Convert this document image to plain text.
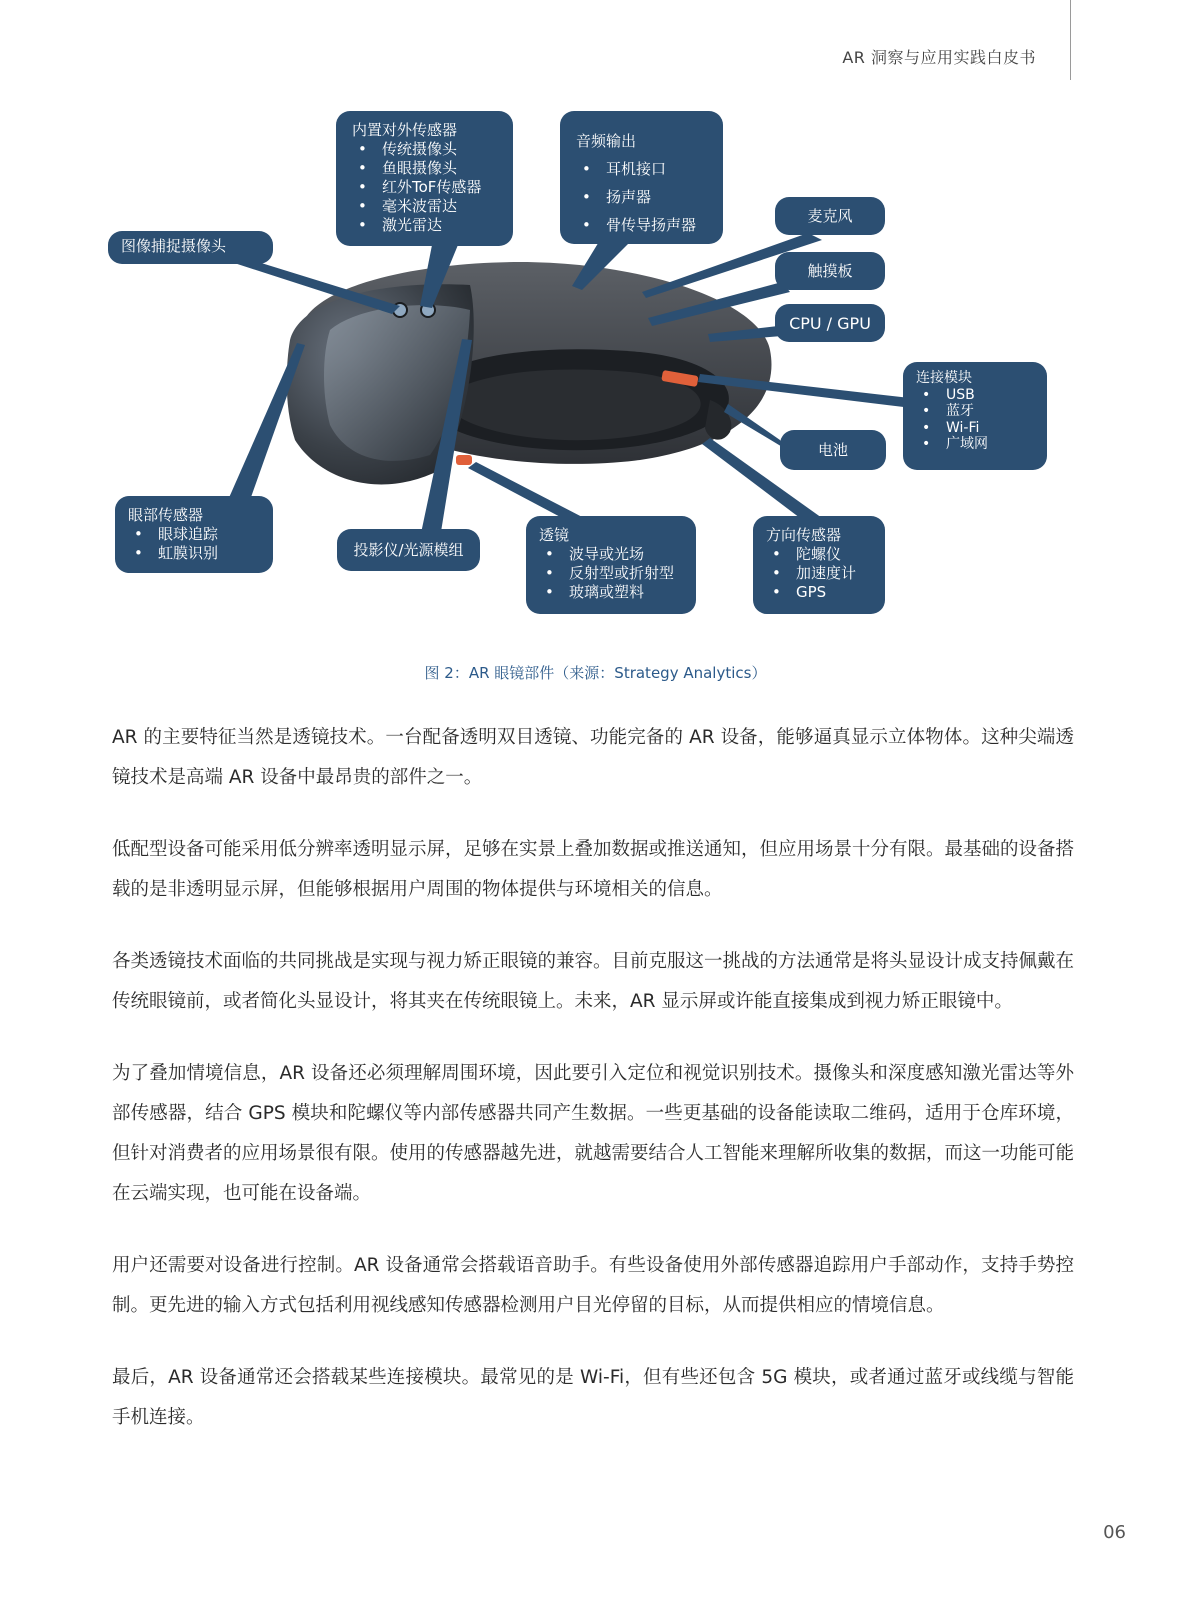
AR 洞察与应用实践白皮书
图像捕捉摄像头
内置对外传感器
• 传统摄像头
• 鱼眼摄像头
• 红外ToF传感器
• 毫米波雷达
• 激光雷达
音频输出
• 耳机接口
• 扬声器
• 骨传导扬声器
麦克风
触摸板
CPU / GPU
连接模块
• USB
• 蓝牙
• Wi-Fi
• 广域网
电池
眼部传感器
• 眼球追踪
• 虹膜识别	投影仪/光源模组
透镜
• 波导或光场
• 反射型或折射型
• 玻璃或塑料
方向传感器
• 陀螺仪
• 加速度计
• GPS
图 2：AR 眼镜部件（来源：Strategy Analytics）

AR 的主要特征当然是透镜技术。一台配备透明双目透镜、功能完备的 AR 设备，能够逼真显示立体物体。这种尖端透镜技术是高端 AR 设备中最昂贵的部件之一。

低配型设备可能采用低分辨率透明显示屏，足够在实景上叠加数据或推送通知，但应用场景十分有限。最基础的设备搭载的是非透明显示屏，但能够根据用户周围的物体提供与环境相关的信息。

各类透镜技术面临的共同挑战是实现与视力矫正眼镜的兼容。目前克服这一挑战的方法通常是将头显设计成支持佩戴在传统眼镜前，或者简化头显设计，将其夹在传统眼镜上。未来，AR 显示屏或许能直接集成到视力矫正眼镜中。

为了叠加情境信息，AR 设备还必须理解周围环境，因此要引入定位和视觉识别技术。摄像头和深度感知激光雷达等外部传感器，结合 GPS 模块和陀螺仪等内部传感器共同产生数据。一些更基础的设备能读取二维码，适用于仓库环境，但针对消费者的应用场景很有限。使用的传感器越先进，就越需要结合人工智能来理解所收集的数据，而这一功能可能在云端实现，也可能在设备端。

用户还需要对设备进行控制。AR 设备通常会搭载语音助手。有些设备使用外部传感器追踪用户手部动作，支持手势控制。更先进的输入方式包括利用视线感知传感器检测用户目光停留的目标，从而提供相应的情境信息。

最后，AR 设备通常还会搭载某些连接模块。最常见的是 Wi-Fi，但有些还包含 5G 模块，或者通过蓝牙或线缆与智能手机连接。

06
